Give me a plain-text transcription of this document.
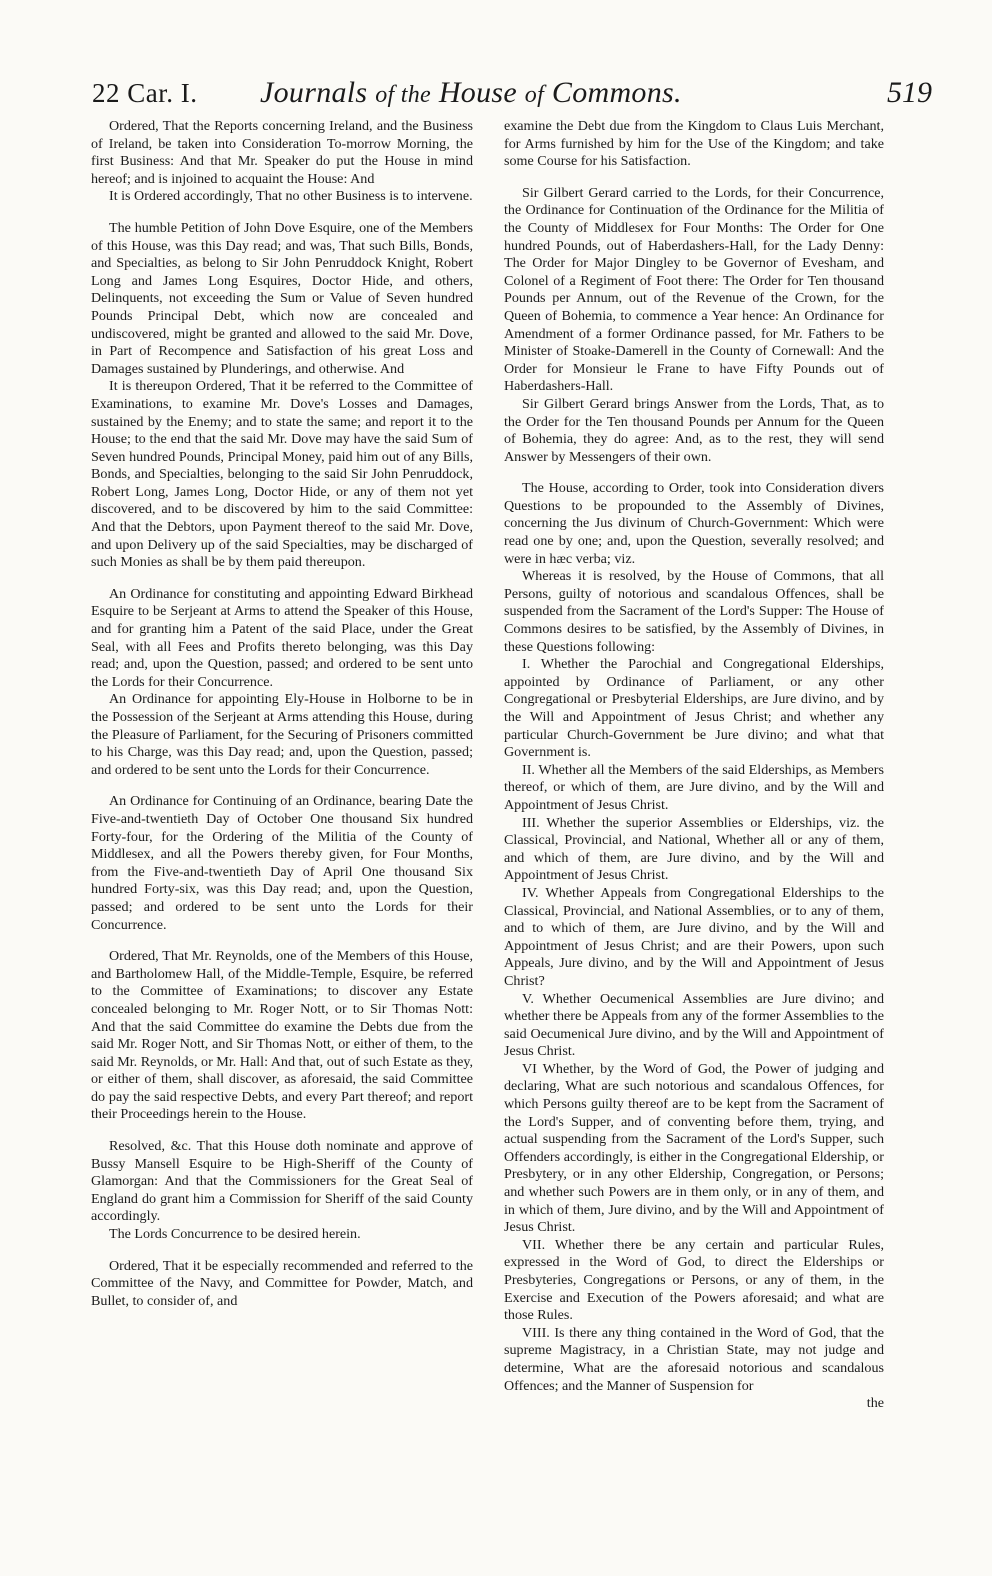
22 Car. I. Journals of the House of Commons.	519

Ordered, That the Reports concerning Ireland, and the Business of Ireland, be taken into Consideration To-morrow Morning, the first Business: And that Mr. Speaker do put the House in mind hereof; and is injoined to acquaint the House: And

It is Ordered accordingly, That no other Business is to intervene.

The humble Petition of John Dove Esquire, one of the Members of this House, was this Day read; and was, That such Bills, Bonds, and Specialties, as belong to Sir John Penruddock Knight, Robert Long and James Long Esquires, Doctor Hide, and others, Delinquents, not exceeding the Sum or Value of Seven hundred Pounds Principal Debt, which now are concealed and undiscovered, might be granted and allowed to the said Mr. Dove, in Part of Recompence and Satisfaction of his great Loss and Damages sustained by Plunderings, and otherwise. And

It is thereupon Ordered, That it be referred to the Committee of Examinations, to examine Mr. Dove's Losses and Damages, sustained by the Enemy; and to state the same; and report it to the House; to the end that the said Mr. Dove may have the said Sum of Seven hundred Pounds, Principal Money, paid him out of any Bills, Bonds, and Specialties, belonging to the said Sir John Penruddock, Robert Long, James Long, Doctor Hide, or any of them not yet discovered, and to be discovered by him to the said Committee: And that the Debtors, upon Payment thereof to the said Mr. Dove, and upon Delivery up of the said Specialties, may be discharged of such Monies as shall be by them paid thereupon.

An Ordinance for constituting and appointing Edward Birkhead Esquire to be Serjeant at Arms to attend the Speaker of this House, and for granting him a Patent of the said Place, under the Great Seal, with all Fees and Profits thereto belonging, was this Day read; and, upon the Question, passed; and ordered to be sent unto the Lords for their Concurrence.

An Ordinance for appointing Ely-House in Holborne to be in the Possession of the Serjeant at Arms attending this House, during the Pleasure of Parliament, for the Securing of Prisoners committed to his Charge, was this Day read; and, upon the Question, passed; and ordered to be sent unto the Lords for their Concurrence.

An Ordinance for Continuing of an Ordinance, bearing Date the Five-and-twentieth Day of October One thousand Six hundred Forty-four, for the Ordering of the Militia of the County of Middlesex, and all the Powers thereby given, for Four Months, from the Five-and-twentieth Day of April One thousand Six hundred Forty-six, was this Day read; and, upon the Question, passed; and ordered to be sent unto the Lords for their Concurrence.

Ordered, That Mr. Reynolds, one of the Members of this House, and Bartholomew Hall, of the Middle-Temple, Esquire, be referred to the Committee of Examinations; to discover any Estate concealed belonging to Mr. Roger Nott, or to Sir Thomas Nott: And that the said Committee do examine the Debts due from the said Mr. Roger Nott, and Sir Thomas Nott, or either of them, to the said Mr. Reynolds, or Mr. Hall: And that, out of such Estate as they, or either of them, shall discover, as aforesaid, the said Committee do pay the said respective Debts, and every Part thereof; and report their Proceedings herein to the House.

Resolved, &c. That this House doth nominate and approve of Bussy Mansell Esquire to be High-Sheriff of the County of Glamorgan: And that the Commissioners for the Great Seal of England do grant him a Commission for Sheriff of the said County accordingly.

The Lords Concurrence to be desired herein.

Ordered, That it be especially recommended and referred to the Committee of the Navy, and Committee for Powder, Match, and Bullet, to consider of, and

examine the Debt due from the Kingdom to Claus Luis Merchant, for Arms furnished by him for the Use of the Kingdom; and take some Course for his Satisfaction.

Sir Gilbert Gerard carried to the Lords, for their Concurrence, the Ordinance for Continuation of the Ordinance for the Militia of the County of Middlesex for Four Months: The Order for One hundred Pounds, out of Haberdashers-Hall, for the Lady Denny: The Order for Major Dingley to be Governor of Evesham, and Colonel of a Regiment of Foot there: The Order for Ten thousand Pounds per Annum, out of the Revenue of the Crown, for the Queen of Bohemia, to commence a Year hence: An Ordinance for Amendment of a former Ordinance passed, for Mr. Fathers to be Minister of Stoake-Damerell in the County of Cornewall: And the Order for Monsieur le Frane to have Fifty Pounds out of Haberdashers-Hall.

Sir Gilbert Gerard brings Answer from the Lords, That, as to the Order for the Ten thousand Pounds per Annum for the Queen of Bohemia, they do agree: And, as to the rest, they will send Answer by Messengers of their own.

The House, according to Order, took into Consideration divers Questions to be propounded to the Assembly of Divines, concerning the Jus divinum of Church-Government: Which were read one by one; and, upon the Question, severally resolved; and were in hæc verba; viz.

Whereas it is resolved, by the House of Commons, that all Persons, guilty of notorious and scandalous Offences, shall be suspended from the Sacrament of the Lord's Supper: The House of Commons desires to be satisfied, by the Assembly of Divines, in these Questions following:

I. Whether the Parochial and Congregational Elderships, appointed by Ordinance of Parliament, or any other Congregational or Presbyterial Elderships, are Jure divino, and by the Will and Appointment of Jesus Christ; and whether any particular Church-Government be Jure divino; and what that Government is.

II. Whether all the Members of the said Elderships, as Members thereof, or which of them, are Jure divino, and by the Will and Appointment of Jesus Christ.

III. Whether the superior Assemblies or Elderships, viz. the Classical, Provincial, and National, Whether all or any of them, and which of them, are Jure divino, and by the Will and Appointment of Jesus Christ.

IV. Whether Appeals from Congregational Elderships to the Classical, Provincial, and National Assemblies, or to any of them, and to which of them, are Jure divino, and by the Will and Appointment of Jesus Christ; and are their Powers, upon such Appeals, Jure divino, and by the Will and Appointment of Jesus Christ?

V. Whether Oecumenical Assemblies are Jure divino; and whether there be Appeals from any of the former Assemblies to the said Oecumenical Jure divino, and by the Will and Appointment of Jesus Christ.

VI Whether, by the Word of God, the Power of judging and declaring, What are such notorious and scandalous Offences, for which Persons guilty thereof are to be kept from the Sacrament of the Lord's Supper, and of conventing before them, trying, and actual suspending from the Sacrament of the Lord's Supper, such Offenders accordingly, is either in the Congregational Eldership, or Presbytery, or in any other Eldership, Congregation, or Persons; and whether such Powers are in them only, or in any of them, and in which of them, Jure divino, and by the Will and Appointment of Jesus Christ.

VII. Whether there be any certain and particular Rules, expressed in the Word of God, to direct the Elderships or Presbyteries, Congregations or Persons, or any of them, in the Exercise and Execution of the Powers aforesaid; and what are those Rules.

VIII. Is there any thing contained in the Word of God, that the supreme Magistracy, in a Christian State, may not judge and determine, What are the aforesaid notorious and scandalous Offences; and the Manner of Suspension for

the
